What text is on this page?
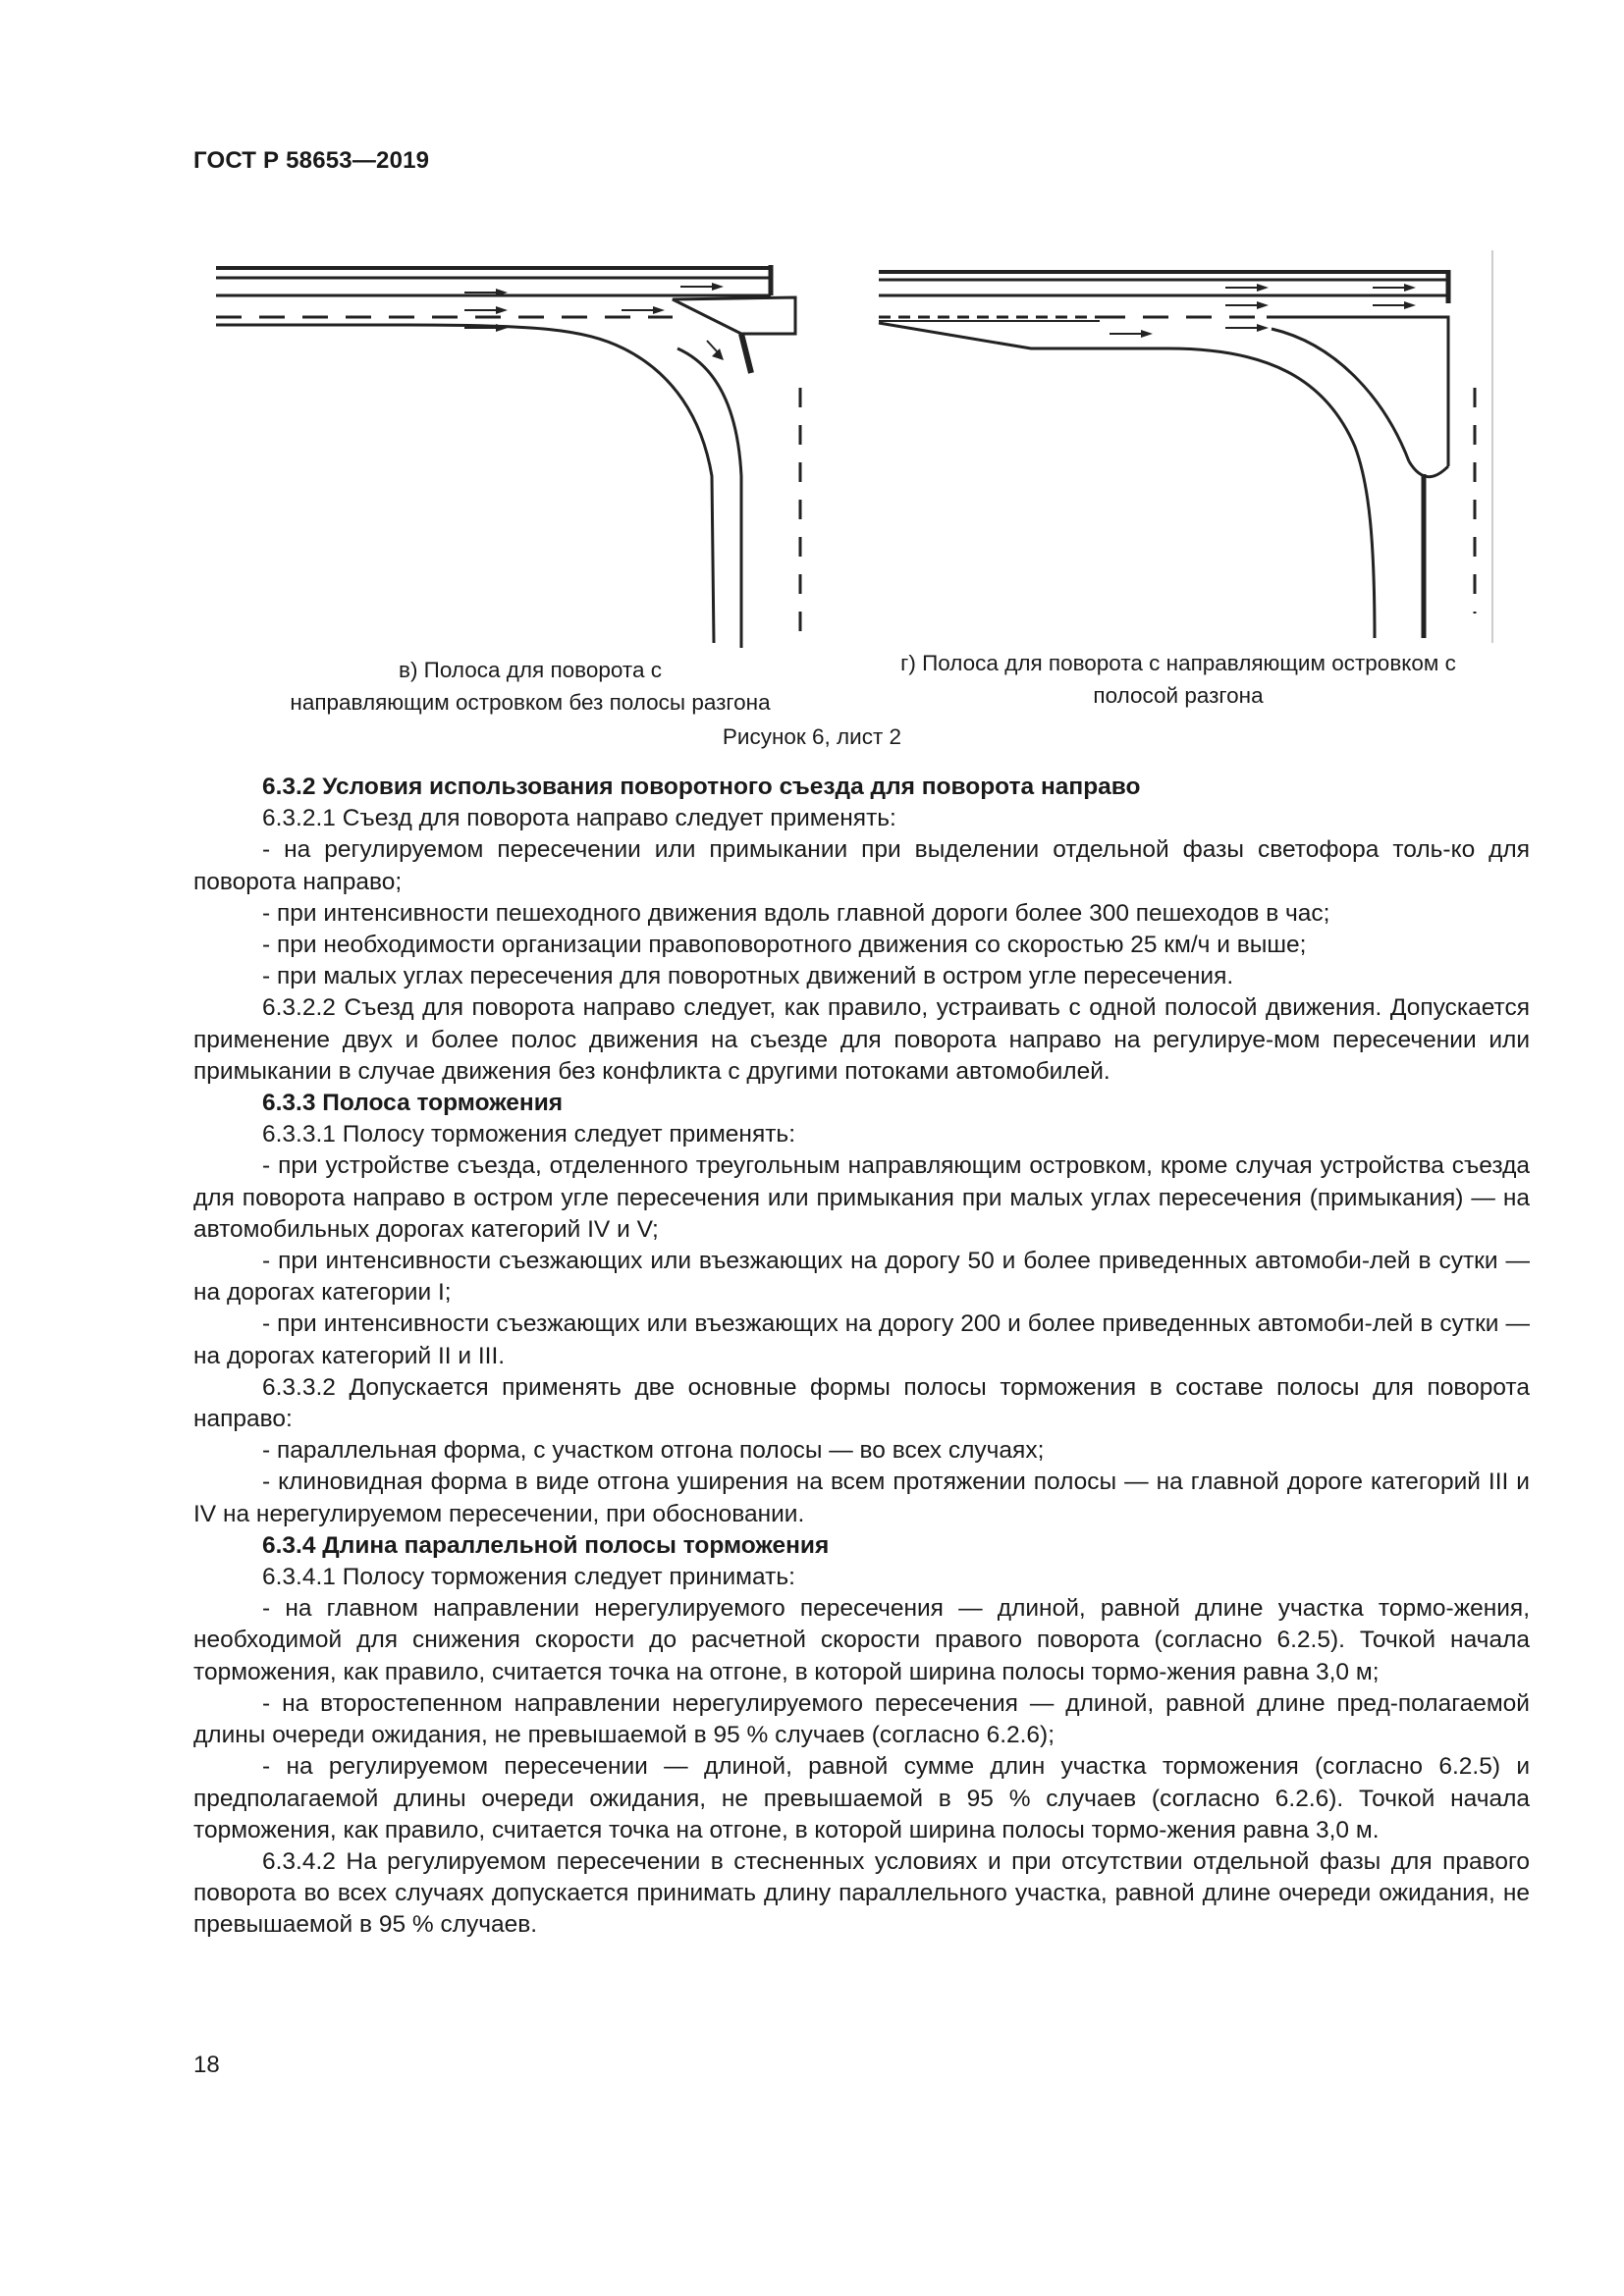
ГОСТ Р 58653—2019
в) Полоса для поворота с
направляющим островком без полосы разгона
г) Полоса для поворота с направляющим островком с
полосой разгона
Рисунок 6, лист 2

6.3.2 Условия использования поворотного съезда для поворота направо

6.3.2.1 Съезд для поворота направо следует применять:

- на регулируемом пересечении или примыкании при выделении отдельной фазы светофора толь-ко для поворота направо;

- при интенсивности пешеходного движения вдоль главной дороги более 300 пешеходов в час;

- при необходимости организации правоповоротного движения со скоростью 25 км/ч и выше;

- при малых углах пересечения для поворотных движений в остром угле пересечения.

6.3.2.2 Съезд для поворота направо следует, как правило, устраивать с одной полосой движения. Допускается применение двух и более полос движения на съезде для поворота направо на регулируе-мом пересечении или примыкании в случае движения без конфликта с другими потоками автомобилей.

6.3.3 Полоса торможения

6.3.3.1 Полосу торможения следует применять:

- при устройстве съезда, отделенного треугольным направляющим островком, кроме случая устройства съезда для поворота направо в остром угле пересечения или примыкания при малых углах пересечения (примыкания) — на автомобильных дорогах категорий IV и V;

- при интенсивности съезжающих или въезжающих на дорогу 50 и более приведенных автомоби-лей в сутки — на дорогах категории I;

- при интенсивности съезжающих или въезжающих на дорогу 200 и более приведенных автомоби-лей в сутки — на дорогах категорий II и III.

6.3.3.2 Допускается применять две основные формы полосы торможения в составе полосы для поворота направо:

- параллельная форма, с участком отгона полосы — во всех случаях;

- клиновидная форма в виде отгона уширения на всем протяжении полосы — на главной дороге категорий III и IV на нерегулируемом пересечении, при обосновании.

6.3.4 Длина параллельной полосы торможения

6.3.4.1 Полосу торможения следует принимать:

- на главном направлении нерегулируемого пересечения — длиной, равной длине участка тормо-жения, необходимой для снижения скорости до расчетной скорости правого поворота (согласно 6.2.5). Точкой начала торможения, как правило, считается точка на отгоне, в которой ширина полосы тормо-жения равна 3,0 м;

- на второстепенном направлении нерегулируемого пересечения — длиной, равной длине пред-полагаемой длины очереди ожидания, не превышаемой в 95 % случаев (согласно 6.2.6);

- на регулируемом пересечении — длиной, равной сумме длин участка торможения (согласно 6.2.5) и предполагаемой длины очереди ожидания, не превышаемой в 95 % случаев (согласно 6.2.6). Точкой начала торможения, как правило, считается точка на отгоне, в которой ширина полосы тормо-жения равна 3,0 м.

6.3.4.2 На регулируемом пересечении в стесненных условиях и при отсутствии отдельной фазы для правого поворота во всех случаях допускается принимать длину параллельного участка, равной длине очереди ожидания, не превышаемой в 95 % случаев.

18
